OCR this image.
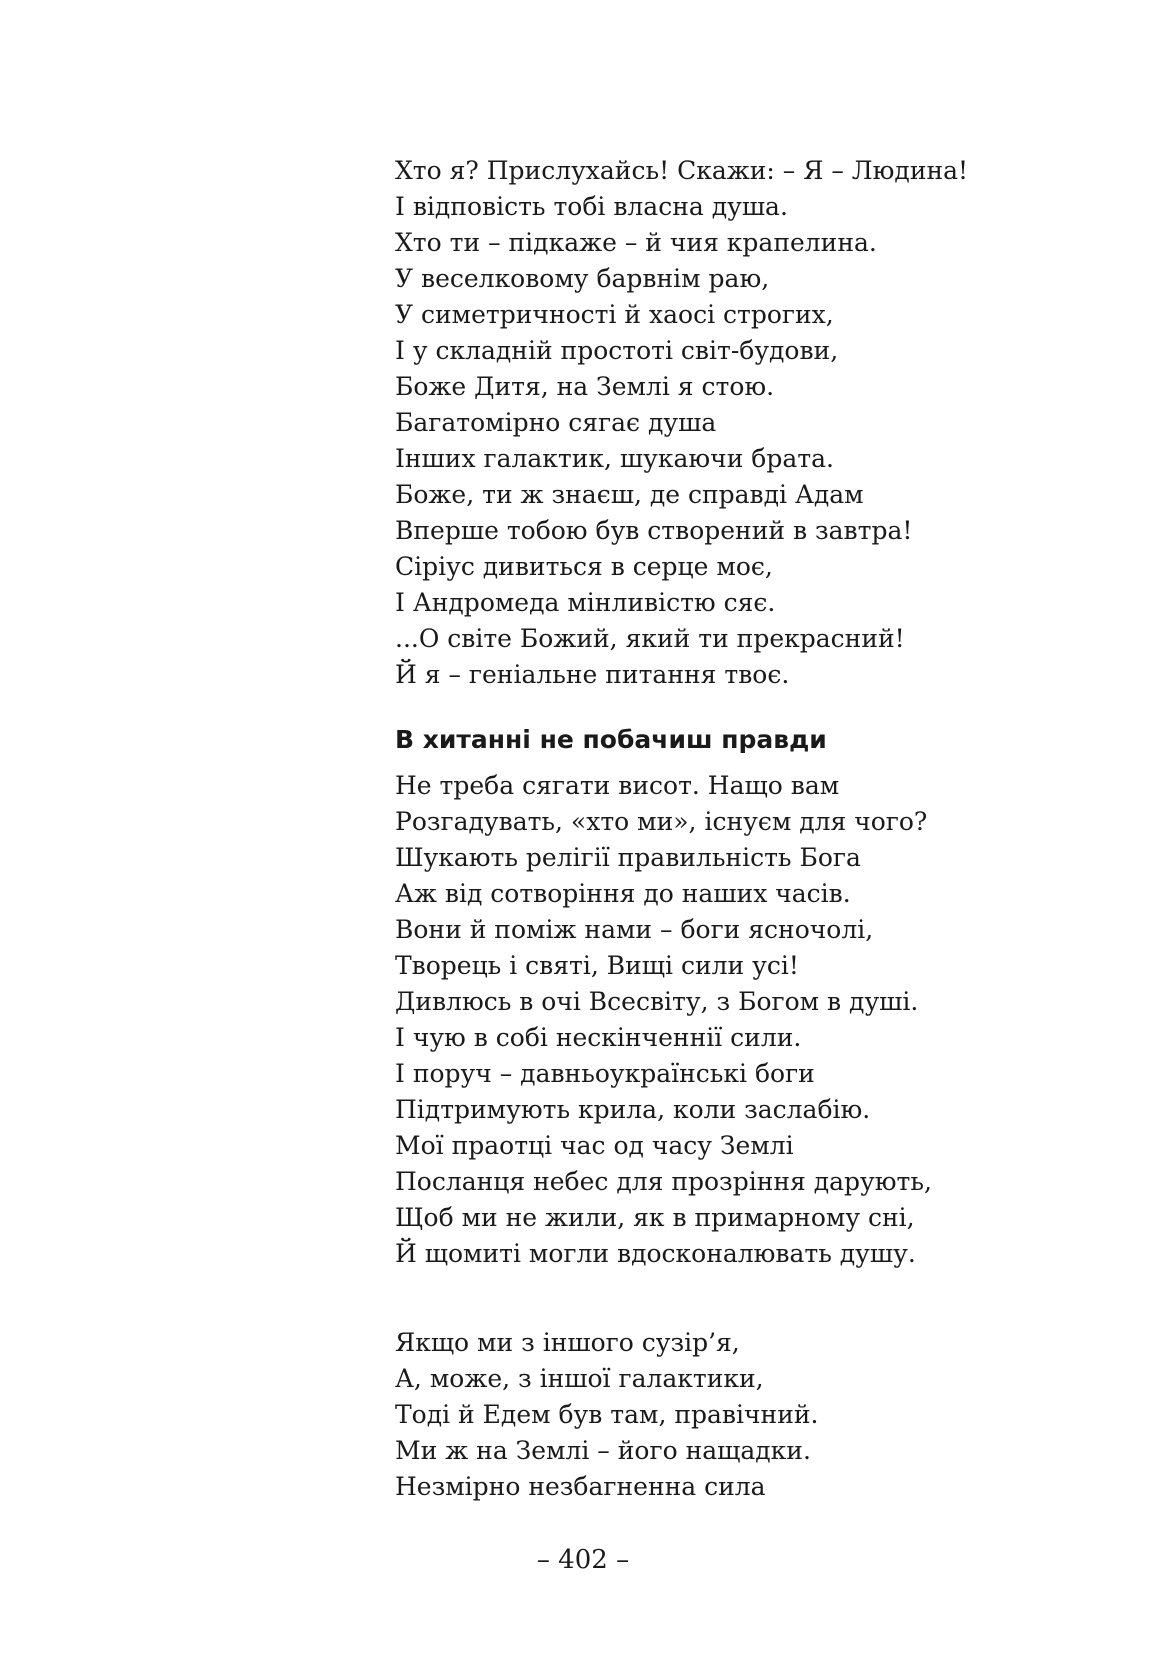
Хто я? Прислухайсь! Скажи: – Я – Людина!
І відповість тобі власна душа.
Хто ти – підкаже – й чия крапелина.
У веселковому барвнім раю,
У симетричності й хаосі строгих,
І у складній простоті світ-будови,
Боже Дитя, на Землі я стою.
Багатомірно сягає душа
Інших галактик, шукаючи брата.
Боже, ти ж знаєш, де справді Адам
Вперше тобою був створений в завтра!
Сіріус дивиться в серце моє,
І Андромеда мінливістю сяє.
...О світе Божий, який ти прекрасний!
Й я – геніальне питання твоє.
В хитанні не побачиш правди
Не треба сягати висот. Нащо вам
Розгадувать, «хто ми», існуєм для чого?
Шукають релігії правильність Бога
Аж від сотворіння до наших часів.
Вони й поміж нами – боги ясночолі,
Творець і святі, Вищі сили усі!
Дивлюсь в очі Всесвіту, з Богом в душі.
І чую в собі нескінченнії сили.
І поруч – давньоукраїнські боги
Підтримують крила, коли заслабію.
Мої праотці час од часу Землі
Посланця небес для прозріння дарують,
Щоб ми не жили, як в примарному сні,
Й щомиті могли вдосконалювать душу.
Якщо ми з іншого сузір’я,
А, може, з іншої галактики,
Тоді й Едем був там, правічний.
Ми ж на Землі – його нащадки.
Незмірно незбагненна сила
– 402 –
